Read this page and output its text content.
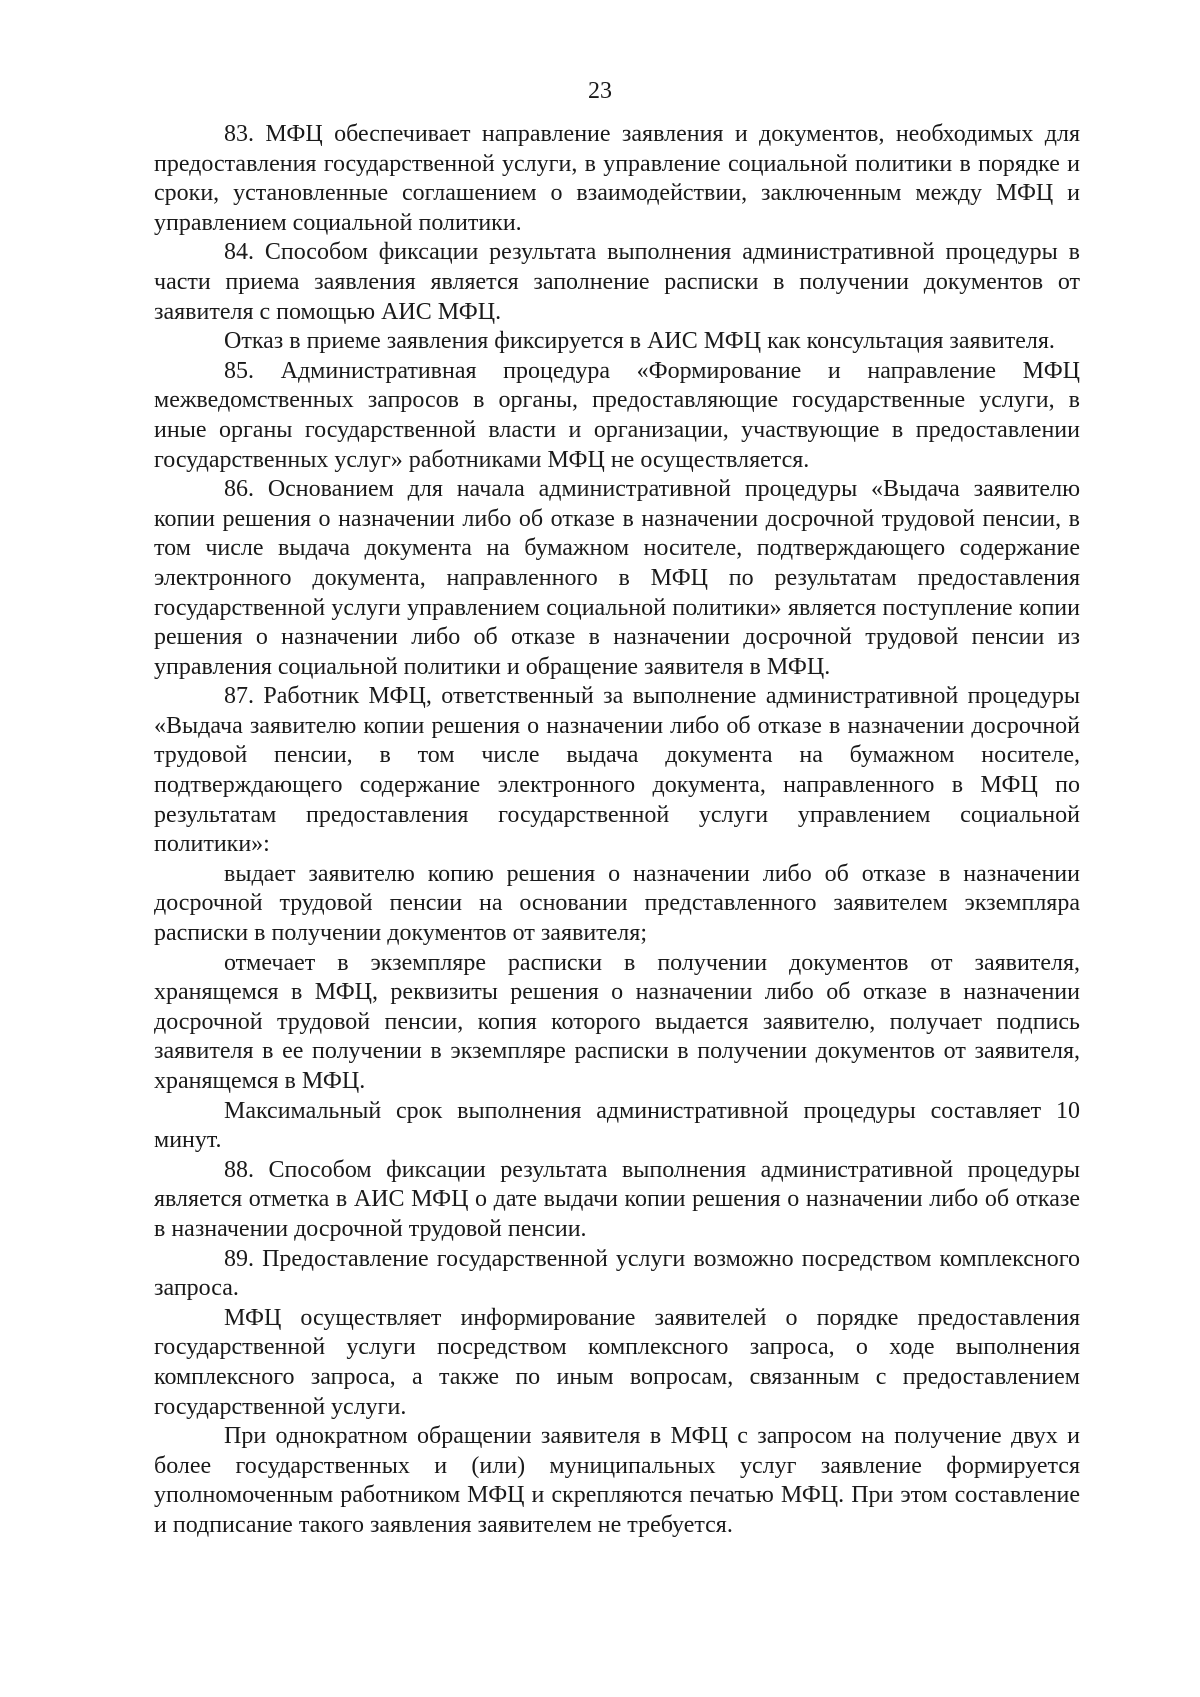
23

83. МФЦ обеспечивает направление заявления и документов, необходимых для предоставления государственной услуги, в управление социальной политики в порядке и сроки, установленные соглашением о взаимодействии, заключенным между МФЦ и управлением социальной политики.

84. Способом фиксации результата выполнения административной процедуры в части приема заявления является заполнение расписки в получении документов от заявителя с помощью АИС МФЦ.

Отказ в приеме заявления фиксируется в АИС МФЦ как консультация заявителя.

85. Административная процедура «Формирование и направление МФЦ межведомственных запросов в органы, предоставляющие государственные услуги, в иные органы государственной власти и организации, участвующие в предоставлении государственных услуг» работниками МФЦ не осуществляется.

86. Основанием для начала административной процедуры «Выдача заявителю копии решения о назначении либо об отказе в назначении досрочной трудовой пенсии, в том числе выдача документа на бумажном носителе, подтверждающего содержание электронного документа, направленного в МФЦ по результатам предоставления государственной услуги управлением социальной политики» является поступление копии решения о назначении либо об отказе в назначении досрочной трудовой пенсии из управления социальной политики и обращение заявителя в МФЦ.

87. Работник МФЦ, ответственный за выполнение административной процедуры «Выдача заявителю копии решения о назначении либо об отказе в назначении досрочной трудовой пенсии, в том числе выдача документа на бумажном носителе, подтверждающего содержание электронного документа, направленного в МФЦ по результатам предоставления государственной услуги управлением социальной политики»:

выдает заявителю копию решения о назначении либо об отказе в назначении досрочной трудовой пенсии на основании представленного заявителем экземпляра расписки в получении документов от заявителя;

отмечает в экземпляре расписки в получении документов от заявителя, хранящемся в МФЦ, реквизиты решения о назначении либо об отказе в назначении досрочной трудовой пенсии, копия которого выдается заявителю, получает подпись заявителя в ее получении в экземпляре расписки в получении документов от заявителя, хранящемся в МФЦ.

Максимальный срок выполнения административной процедуры составляет 10 минут.

88. Способом фиксации результата выполнения административной процедуры является отметка в АИС МФЦ о дате выдачи копии решения о назначении либо об отказе в назначении досрочной трудовой пенсии.

89. Предоставление государственной услуги возможно посредством комплексного запроса.

МФЦ осуществляет информирование заявителей о порядке предоставления государственной услуги посредством комплексного запроса, о ходе выполнения комплексного запроса, а также по иным вопросам, связанным с предоставлением государственной услуги.

При однократном обращении заявителя в МФЦ с запросом на получение двух и более государственных и (или) муниципальных услуг заявление формируется уполномоченным работником МФЦ и скрепляются печатью МФЦ. При этом составление и подписание такого заявления заявителем не требуется.
